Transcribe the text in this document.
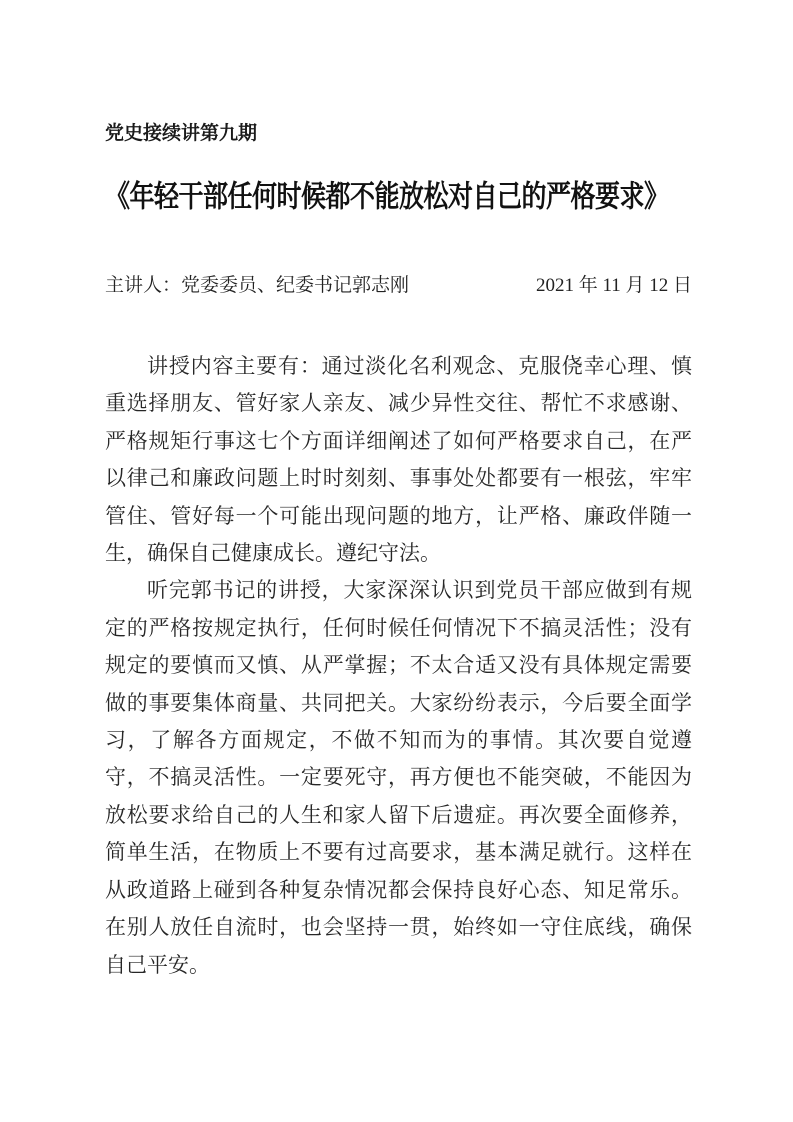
党史接续讲第九期
《年轻干部任何时候都不能放松对自己的严格要求》
主讲人：党委委员、纪委书记郭志刚	2021 年 11 月 12 日

讲授内容主要有：通过淡化名利观念、克服侥幸心理、慎重选择朋友、管好家人亲友、减少异性交往、帮忙不求感谢、严格规矩行事这七个方面详细阐述了如何严格要求自己，在严以律己和廉政问题上时时刻刻、事事处处都要有一根弦，牢牢管住、管好每一个可能出现问题的地方，让严格、廉政伴随一生，确保自己健康成长。遵纪守法。

听完郭书记的讲授，大家深深认识到党员干部应做到有规定的严格按规定执行，任何时候任何情况下不搞灵活性；没有规定的要慎而又慎、从严掌握；不太合适又没有具体规定需要做的事要集体商量、共同把关。大家纷纷表示，今后要全面学习，了解各方面规定，不做不知而为的事情。其次要自觉遵守，不搞灵活性。一定要死守，再方便也不能突破，不能因为放松要求给自己的人生和家人留下后遗症。再次要全面修养，简单生活，在物质上不要有过高要求，基本满足就行。这样在从政道路上碰到各种复杂情况都会保持良好心态、知足常乐。在别人放任自流时，也会坚持一贯，始终如一守住底线，确保自己平安。
